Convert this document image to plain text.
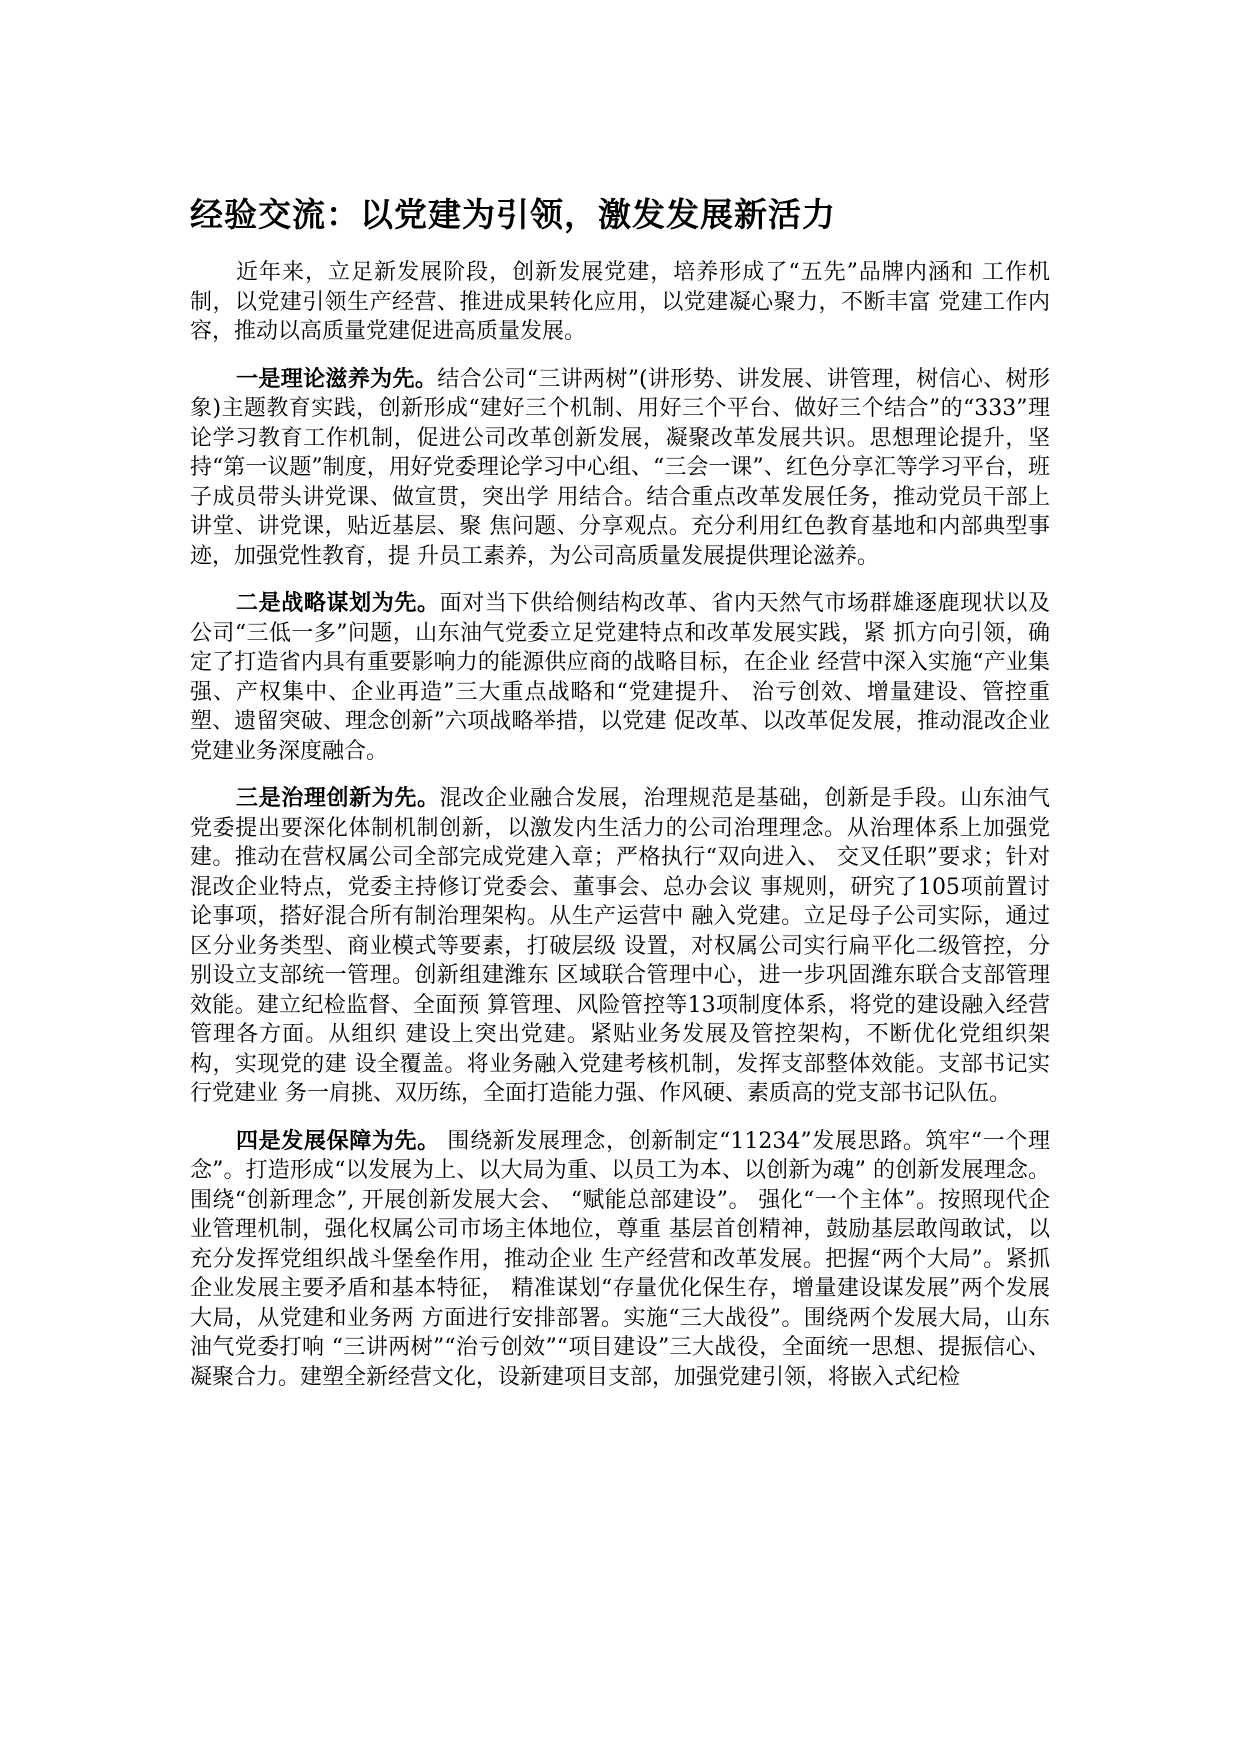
经验交流：以党建为引领，激发发展新活力

近年来，立足新发展阶段，创新发展党建，培养形成了“五先”品牌内涵和 工作机制，以党建引领生产经营、推进成果转化应用，以党建凝心聚力，不断丰富 党建工作内容，推动以高质量党建促进高质量发展。

一是理论滋养为先。结合公司“三讲两树”(讲形势、讲发展、讲管理，树信心、树形象)主题教育实践，创新形成“建好三个机制、用好三个平台、做好三个结合”的“333”理论学习教育工作机制，促进公司改革创新发展，凝聚改革发展共识。思想理论提升，坚持“第一议题”制度，用好党委理论学习中心组、“三会一课”、红色分享汇等学习平台，班子成员带头讲党课、做宣贯，突出学 用结合。结合重点改革发展任务，推动党员干部上讲堂、讲党课，贴近基层、聚 焦问题、分享观点。充分利用红色教育基地和内部典型事迹，加强党性教育，提 升员工素养，为公司高质量发展提供理论滋养。

二是战略谋划为先。面对当下供给侧结构改革、省内天然气市场群雄逐鹿现状以及公司“三低一多”问题，山东油气党委立足党建特点和改革发展实践，紧 抓方向引领，确定了打造省内具有重要影响力的能源供应商的战略目标，在企业 经营中深入实施“产业集强、产权集中、企业再造”三大重点战略和“党建提升、 治亏创效、增量建设、管控重塑、遗留突破、理念创新”六项战略举措，以党建 促改革、以改革促发展，推动混改企业党建业务深度融合。

三是治理创新为先。混改企业融合发展，治理规范是基础，创新是手段。山东油气党委提出要深化体制机制创新，以激发内生活力的公司治理理念。从治理体系上加强党建。推动在营权属公司全部完成党建入章；严格执行“双向进入、 交叉任职”要求；针对混改企业特点，党委主持修订党委会、董事会、总办会议 事规则，研究了105项前置讨论事项，搭好混合所有制治理架构。从生产运营中 融入党建。立足母子公司实际，通过区分业务类型、商业模式等要素，打破层级 设置，对权属公司实行扁平化二级管控，分别设立支部统一管理。创新组建潍东 区域联合管理中心，进一步巩固潍东联合支部管理效能。建立纪检监督、全面预 算管理、风险管控等13项制度体系，将党的建设融入经营管理各方面。从组织 建设上突出党建。紧贴业务发展及管控架构，不断优化党组织架构，实现党的建 设全覆盖。将业务融入党建考核机制，发挥支部整体效能。支部书记实行党建业 务一肩挑、双历练，全面打造能力强、作风硬、素质高的党支部书记队伍。

四是发展保障为先。 围绕新发展理念，创新制定“11234”发展思路。筑牢“一个理念”。打造形成“以发展为上、以大局为重、以员工为本、以创新为魂” 的创新发展理念。围绕“创新理念”, 开展创新发展大会、 “赋能总部建设”。 强化“一个主体”。按照现代企业管理机制，强化权属公司市场主体地位，尊重 基层首创精神，鼓励基层敢闯敢试，以充分发挥党组织战斗堡垒作用，推动企业 生产经营和改革发展。把握“两个大局”。紧抓企业发展主要矛盾和基本特征， 精准谋划“存量优化保生存，增量建设谋发展”两个发展大局，从党建和业务两 方面进行安排部署。实施“三大战役”。围绕两个发展大局，山东油气党委打响 “三讲两树”“治亏创效”“项目建设”三大战役，全面统一思想、提振信心、 凝聚合力。建塑全新经营文化，设新建项目支部，加强党建引领，将嵌入式纪检
